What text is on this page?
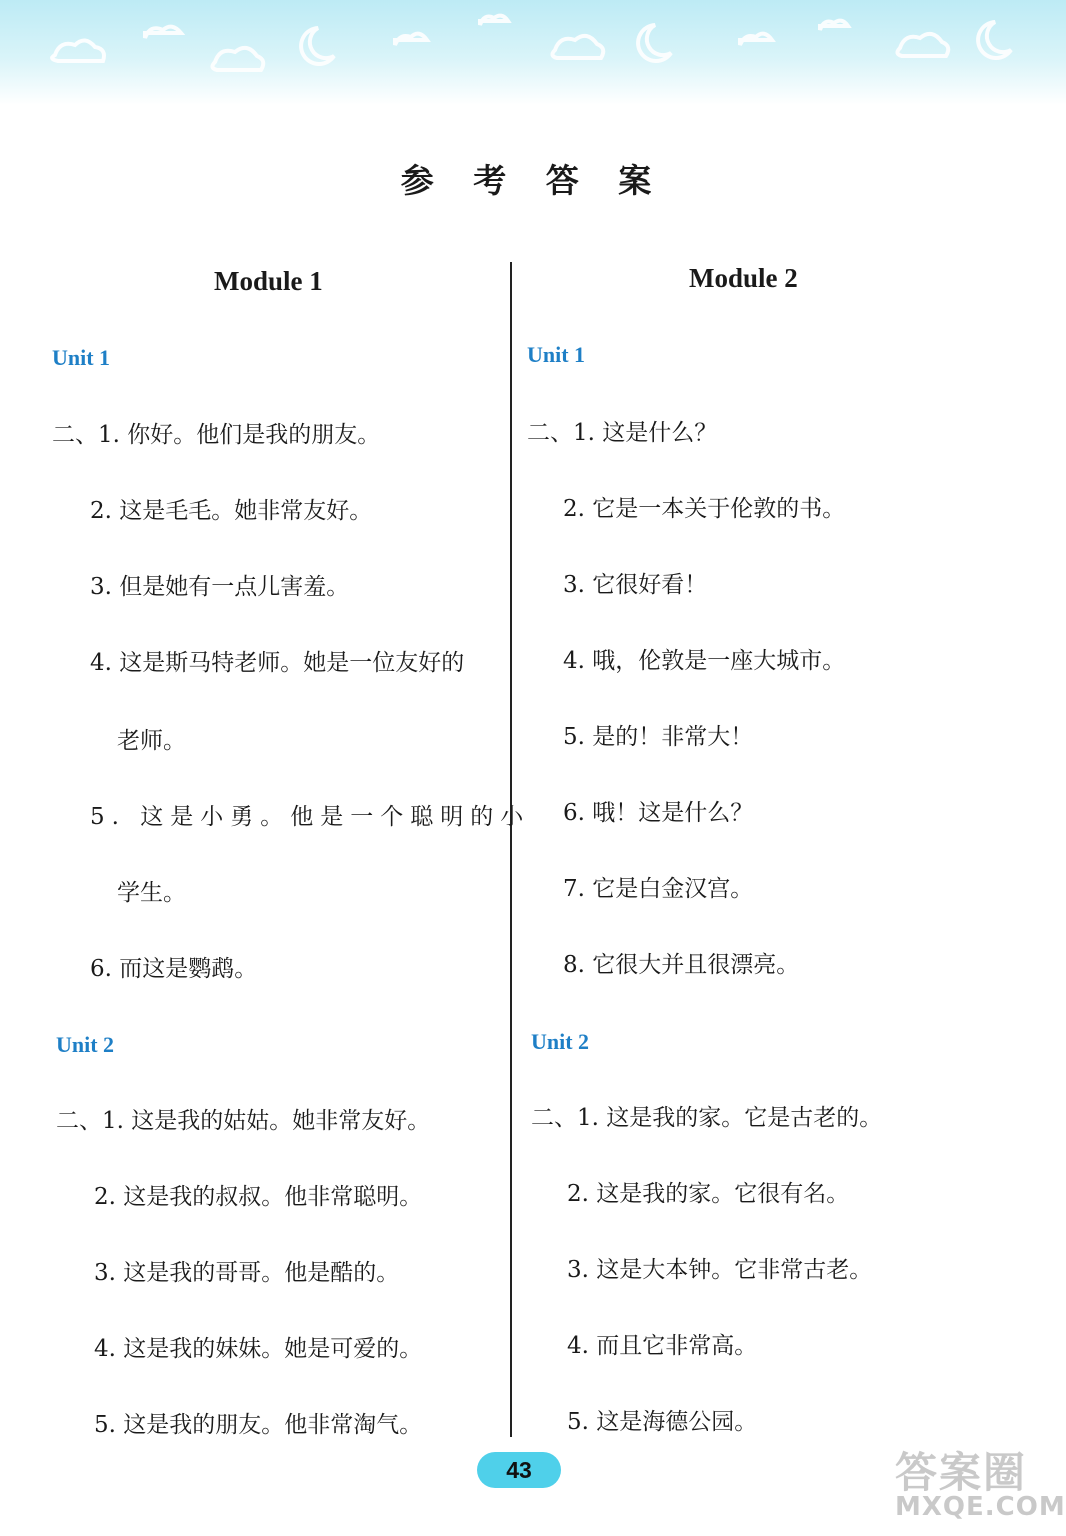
参 考 答 案
Module 1
Unit 1
二、1. 你好。他们是我的朋友。
2. 这是毛毛。她非常友好。
3. 但是她有一点儿害羞。
4. 这是斯马特老师。她是一位友好的
老师。
5. 这是小勇。他是一个聪明的小
学生。
6. 而这是鹦鹉。
Unit 2
二、1. 这是我的姑姑。她非常友好。
2. 这是我的叔叔。他非常聪明。
3. 这是我的哥哥。他是酷的。
4. 这是我的妹妹。她是可爱的。
5. 这是我的朋友。他非常淘气。
Module 2
Unit 1
二、1. 这是什么？
2. 它是一本关于伦敦的书。
3. 它很好看！
4. 哦，伦敦是一座大城市。
5. 是的！非常大！
6. 哦！这是什么？
7. 它是白金汉宫。
8. 它很大并且很漂亮。
Unit 2
二、1. 这是我的家。它是古老的。
2. 这是我的家。它很有名。
3. 这是大本钟。它非常古老。
4. 而且它非常高。
5. 这是海德公园。
43	答案圈
MXQE.COM
